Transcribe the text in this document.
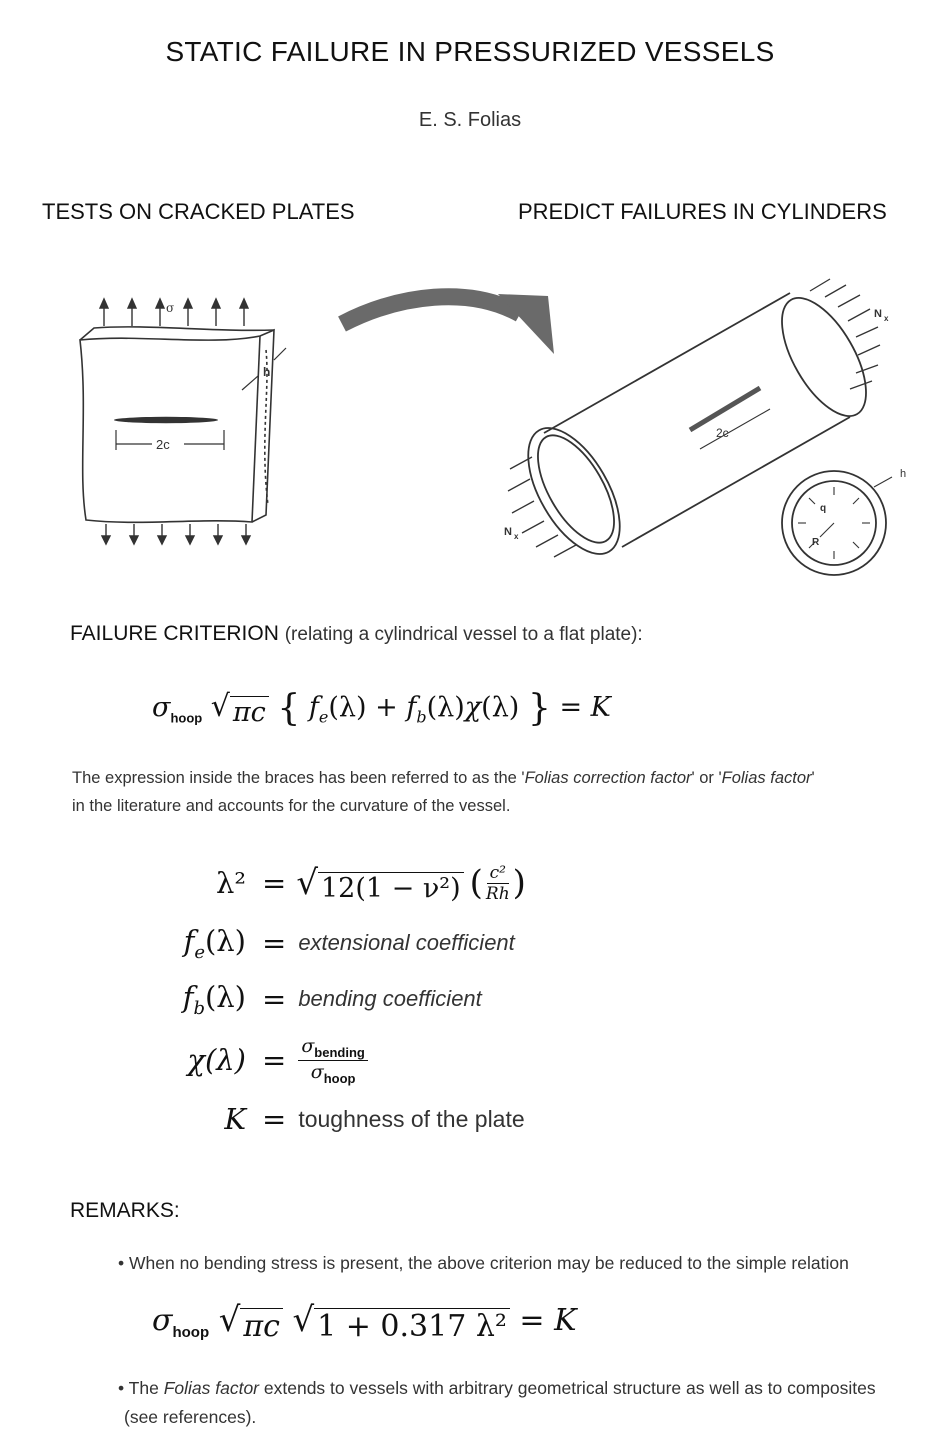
STATIC FAILURE IN PRESSURIZED VESSELS
E. S. Folias
TESTS ON CRACKED PLATES	PREDICT FAILURES IN CYLINDERS
2c
σ
h
N x
N x
2c
h
q
R
FAILURE CRITERION (relating a cylindrical vessel to a flat plate):
$\sigma_{hoop}$ √ πc { $f_e(\lambda) + f_b(\lambda)\chi(\lambda)$ } = K
The expression inside the braces has been referred to as the 'Folias correction factor' or 'Folias factor'
in the literature and accounts for the curvature of the vessel.
λ² = √ 12(1 − ν²) ( $\frac{\text{c²}}{Rh}$ )
$f_e(\lambda)$ = extensional coefficient
$f_b(\lambda)$ = bending coefficient
$\chi(\lambda) = \frac{\sigma_{bending}}{\sigma_{hoop}}$
K = toughness of the plate
REMARKS:
• When no bending stress is present, the above criterion may be reduced to the simple relation
$\sigma_{hoop}$ √ πc
√ 1 + 0.317 λ² = K
• The Folias factor extends to vessels with arbitrary geometrical structure as well as to composites
(see references).
